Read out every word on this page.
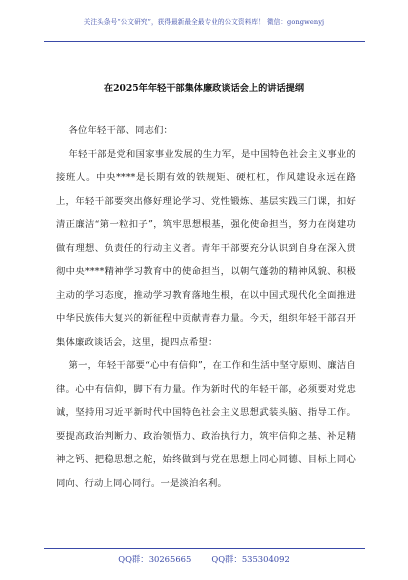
关注头条号“公文研究”，获得最新最全最专业的公文资料库！ 微信：gongwenyj
在2025年年轻干部集体廉政谈话会上的讲话提纲

各位年轻干部、同志们：

年轻干部是党和国家事业发展的生力军，是中国特色社会主义事业的接班人。中央****是长期有效的铁规矩、硬杠杠，作风建设永远在路上，年轻干部要突出修好理论学习、党性锻炼、基层实践三门课，扣好清正廉洁“第一粒扣子”，筑牢思想根基，强化使命担当，努力在岗建功做有理想、负责任的行动主义者。青年干部要充分认识到自身在深入贯彻中央****精神学习教育中的使命担当，以朝气蓬勃的精神风貌、积极主动的学习态度，推动学习教育落地生根，在以中国式现代化全面推进中华民族伟大复兴的新征程中贡献青春力量。今天，组织年轻干部召开集体廉政谈话会，这里，提四点希望：

第一，年轻干部要“心中有信仰”，在工作和生活中坚守原则、廉洁自律。心中有信仰，脚下有力量。作为新时代的年轻干部，必须要对党忠诚，坚持用习近平新时代中国特色社会主义思想武装头脑、指导工作。要提高政治判断力、政治领悟力、政治执行力，筑牢信仰之基、补足精神之钙、把稳思想之舵，始终做到与党在思想上同心同德、目标上同心同向、行动上同心同行。一是淡泊名利。

QQ群：30265665 QQ群：535304092
